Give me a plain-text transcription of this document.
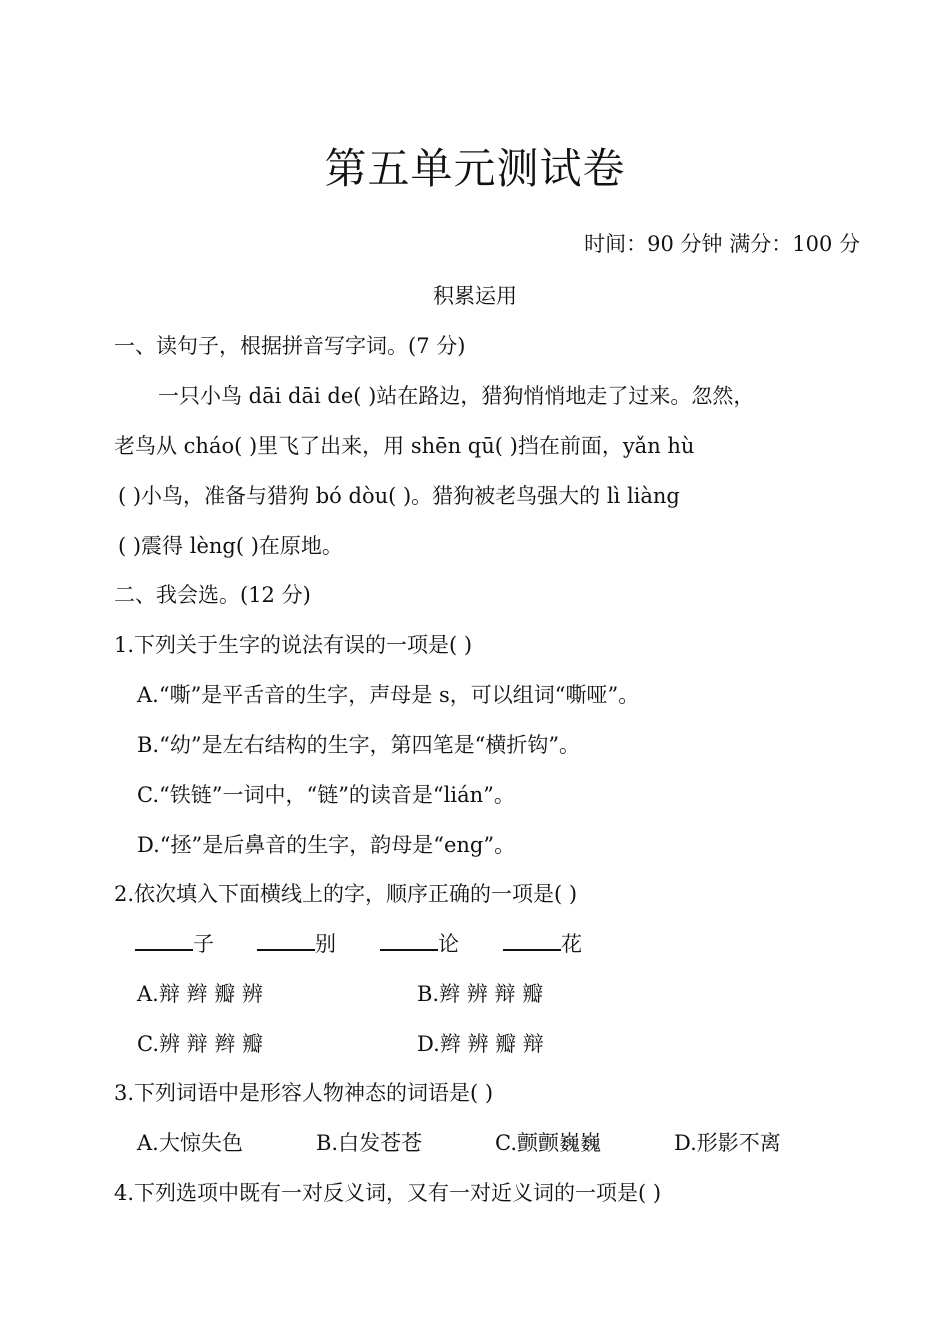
第五单元测试卷
时间：90 分钟 满分：100 分
积累运用
一、读句子，根据拼音写字词。(7 分)
一只小鸟 dāi dāi de( )站在路边，猎狗悄悄地走了过来。忽然，
老鸟从 cháo( )里飞了出来，用 shēn qū( )挡在前面，yǎn hù
( )小鸟，准备与猎狗 bó dòu( )。猎狗被老鸟强大的 lì liàng
( )震得 lèng( )在原地。
二、我会选。(12 分)
1.下列关于生字的说法有误的一项是( )
A.“嘶”是平舌音的生字，声母是 s，可以组词“嘶哑”。
B.“幼”是左右结构的生字，第四笔是“横折钩”。
C.“铁链”一词中，“链”的读音是“lián”。
D.“拯”是后鼻音的生字，韵母是“eng”。
2.依次填入下面横线上的字，顺序正确的一项是( )
子	别	论	花
A.辩 辫 瓣 辨	B.辫 辨 辩 瓣
C.辨 辩 辫 瓣	D.辫 辨 瓣 辩
3.下列词语中是形容人物神态的词语是( )
A.大惊失色	B.白发苍苍	C.颤颤巍巍	D.形影不离
4.下列选项中既有一对反义词，又有一对近义词的一项是( )
